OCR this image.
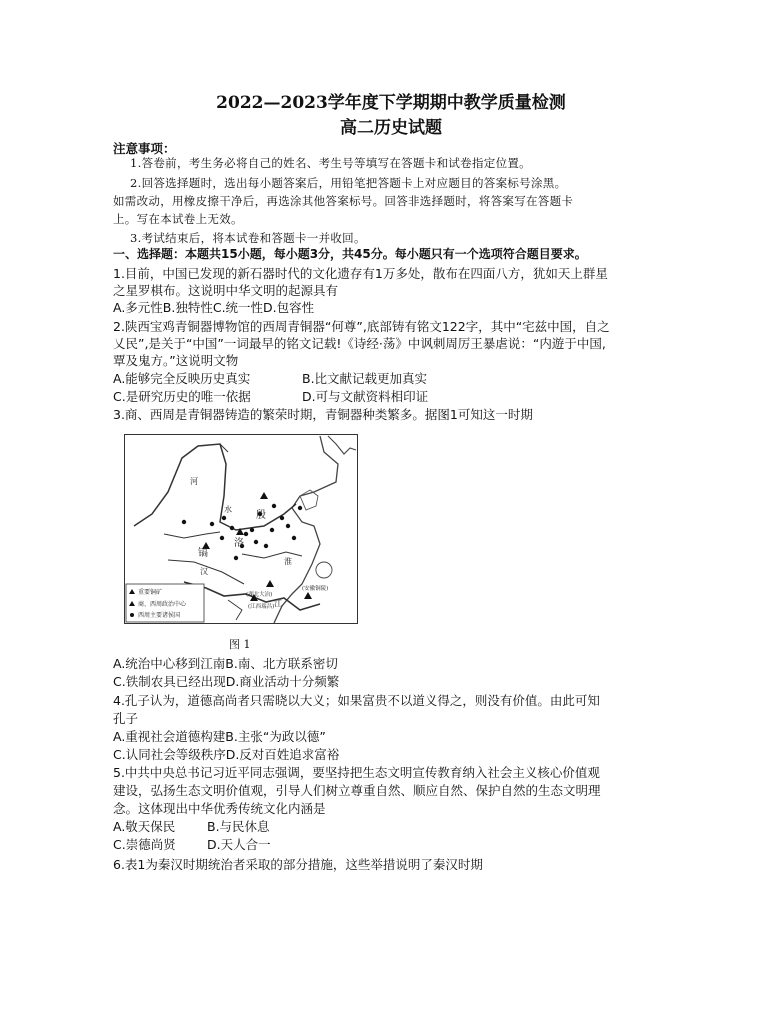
2022—2023学年度下学期期中教学质量检测
高二历史试题
注意事项：
1.答卷前，考生务必将自己的姓名、考生号等填写在答题卡和试卷指定位置。
2.回答选择题时，选出每小题答案后，用铅笔把答题卡上对应题目的答案标号涂黑。
如需改动，用橡皮擦干净后，再选涂其他答案标号。回答非选择题时，将答案写在答题卡
上。写在本试卷上无效。
3.考试结束后，将本试卷和答题卡一并收回。
一、选择题：本题共15小题，每小题3分，共45分。每小题只有一个选项符合题目要求。
1.目前，中国已发现的新石器时代的文化遗存有1万多处，散布在四面八方，犹如天上群星
之星罗棋布。这说明中华文明的起源具有
A.多元性B.独特性C.统一性D.包容性
2.陕西宝鸡青铜器博物馆的西周青铜器“何尊”,底部铸有铭文122字，其中“宅兹中国，自之
乂民”,是关于“中国”一词最早的铭文记载!《诗经·荡》中讽刺周厉王暴虐说：“内遊于中国,
覃及鬼方。”这说明文物
A.能够完全反映历史真实	B.比文献记载更加真实
C.是研究历史的唯一依据	D.可与文献资料相印证
3.商、西周是青铜器铸造的繁荣时期，青铜器种类繁多。据图1可知这一时期
河
殷
洛
镐
汉
淮
江
水
(安徽铜陵)
(湖北大冶)
(江西瑞昌)
重要铜矿
商、西周政治中心
西周主要诸侯国
图 1
A.统治中心移到江南B.南、北方联系密切
C.铁制农具已经出现D.商业活动十分频繁
4.孔子认为，道德高尚者只需晓以大义；如果富贵不以道义得之，则没有价值。由此可知
孔子
A.重视社会道德构建B.主张“为政以德”
C.认同社会等级秩序D.反对百姓追求富裕
5.中共中央总书记习近平同志强调，要坚持把生态文明宣传教育纳入社会主义核心价值观
建设，弘扬生态文明价值观，引导人们树立尊重自然、顺应自然、保护自然的生态文明理
念。这体现出中华优秀传统文化内涵是
A.敬天保民	B.与民休息
C.崇德尚贤	D.天人合一
6.表1为秦汉时期统治者采取的部分措施，这些举措说明了秦汉时期
